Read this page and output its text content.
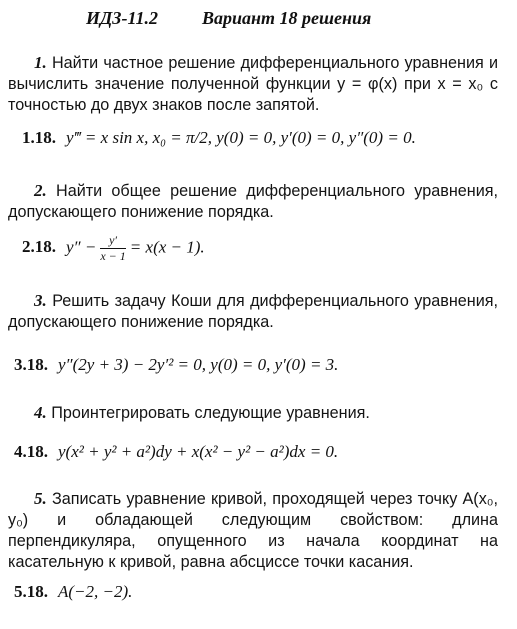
ИДЗ-11.2 Вариант 18 решения
1. Найти частное решение дифференциального уравнения и вычислить значение полученной функции y = φ(x) при x = x₀ с точностью до двух знаков после запятой.
1.18. y‴ = x sin x, x₀ = π/2, y(0) = 0, y′(0) = 0, y″(0) = 0.
2. Найти общее решение дифференциального уравнения, допускающего понижение порядка.
2.18. $y'' - \frac{y'}{x - 1} = x(x - 1)$.
3. Решить задачу Коши для дифференциального уравнения, допускающего понижение порядка.
3.18. y″(2y + 3) − 2y′² = 0, y(0) = 0, y′(0) = 3.
4. Проинтегрировать следующие уравнения.
4.18. y(x² + y² + a²)dy + x(x² − y² − a²)dx = 0.
5. Записать уравнение кривой, проходящей через точку A(x₀, y₀) и обладающей следующим свойством: длина перпендикуляра, опущенного из начала координат на касательную к кривой, равна абсциссе точки касания.
5.18. A(−2, −2).
